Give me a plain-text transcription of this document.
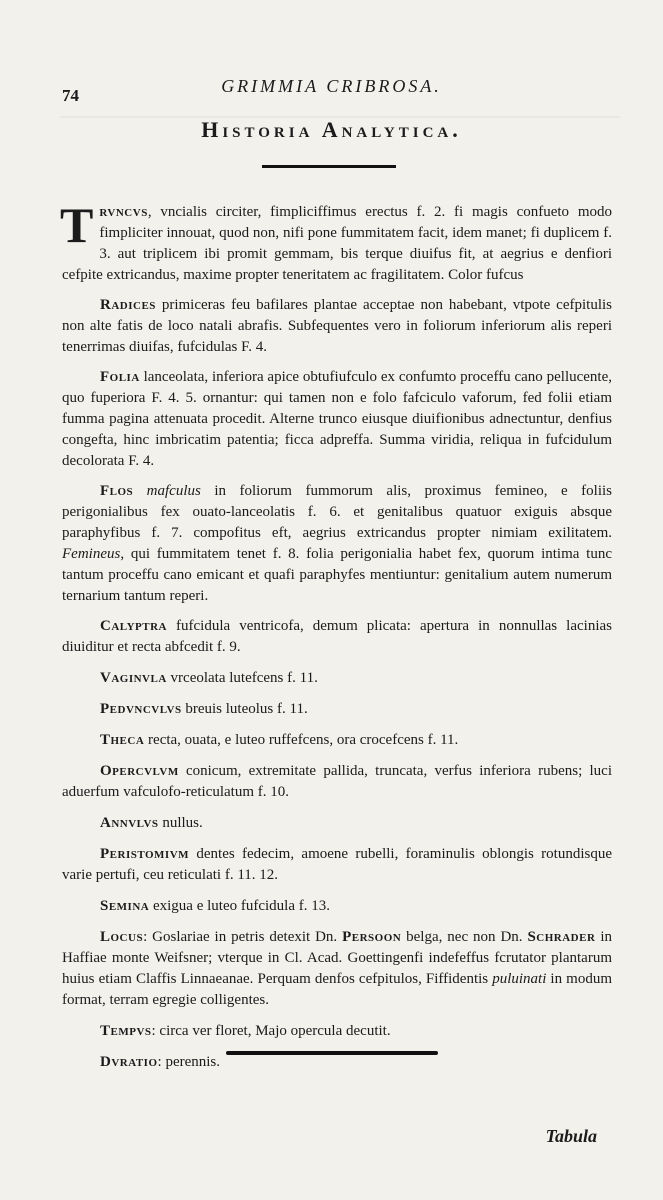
74	GRIMMIA CRIBROSA.
Historia Analytica.

Trvncvs, vncialis circiter, fimpliciffimus erectus f. 2. fi magis confueto modo fimpliciter innouat, quod non, nifi pone fummitatem facit, idem manet; fi duplicem f. 3. aut triplicem ibi promit gemmam, bis terque diuifus fit, at aegrius e denfiori cefpite extricandus, maxime propter teneritatem ac fragilitatem. Color fufcus

Radices primiceras feu bafilares plantae acceptae non habebant, vtpote cefpitulis non alte fatis de loco natali abrafis. Subfequentes vero in foliorum inferiorum alis reperi tenerrimas diuifas, fufcidulas F. 4.

Folia lanceolata, inferiora apice obtufiufculo ex confumto proceffu cano pellucente, quo fuperiora F. 4. 5. ornantur: qui tamen non e folo fafciculo vaforum, fed folii etiam fumma pagina attenuata procedit. Alterne trunco eiusque diuifionibus adnectuntur, denfius congefta, hinc imbricatim patentia; ficca adpreffa. Summa viridia, reliqua in fufcidulum decolorata F. 4.

Flos mafculus in foliorum fummorum alis, proximus femineo, e foliis perigonialibus fex ouato-lanceolatis f. 6. et genitalibus quatuor exiguis absque paraphyfibus f. 7. compofitus eft, aegrius extricandus propter nimiam exilitatem. Femineus, qui fummitatem tenet f. 8. folia perigonialia habet fex, quorum intima tunc tantum proceffu cano emicant et quafi paraphyfes mentiuntur: genitalium autem numerum ternarium tantum reperi.

Calyptra fufcidula ventricofa, demum plicata: apertura in nonnullas lacinias diuiditur et recta abfcedit f. 9.

Vaginvla vrceolata lutefcens f. 11.

Pedvncvlvs breuis luteolus f. 11.

Theca recta, ouata, e luteo ruffefcens, ora crocefcens f. 11.

Opercvlvm conicum, extremitate pallida, truncata, verfus inferiora rubens; luci aduerfum vafculofo-reticulatum f. 10.

Annvlvs nullus.

Peristomivm dentes fedecim, amoene rubelli, foraminulis oblongis rotundisque varie pertufi, ceu reticulati f. 11. 12.

Semina exigua e luteo fufcidula f. 13.

Locus: Goslariae in petris detexit Dn. Persoon belga, nec non Dn. Schrader in Haffiae monte Weifsner; vterque in Cl. Acad. Goettingenfi indefeffus fcrutator plantarum huius etiam Claffis Linnaeanae. Perquam denfos cefpitulos, Fiffidentis puluinati in modum format, terram egregie colligentes.

Tempvs: circa ver floret, Majo opercula decutit.

Dvratio: perennis.

Tabula
